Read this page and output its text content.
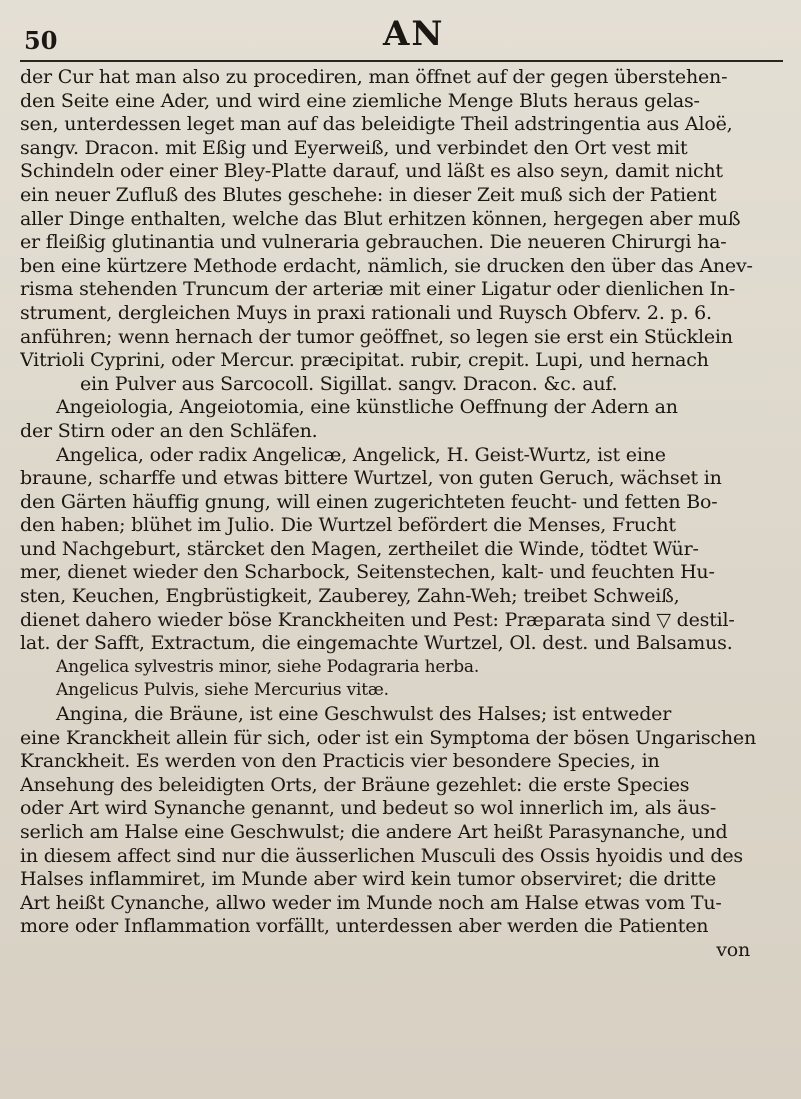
50	AN
der Cur hat man also zu procediren, man öffnet auf der gegen überstehen-
den Seite eine Ader, und wird eine ziemliche Menge Bluts heraus gelas-
sen, unterdessen leget man auf das beleidigte Theil adstringentia aus Aloë,
sangv. Dracon. mit Eßig und Eyerweiß, und verbindet den Ort vest mit
Schindeln oder einer Bley-Platte darauf, und läßt es also seyn, damit nicht
ein neuer Zufluß des Blutes geschehe: in dieser Zeit muß sich der Patient
aller Dinge enthalten, welche das Blut erhitzen können, hergegen aber muß
er fleißig glutinantia und vulneraria gebrauchen. Die neueren Chirurgi ha-
ben eine kürtzere Methode erdacht, nämlich, sie drucken den über das Anev-
risma stehenden Truncum der arteriæ mit einer Ligatur oder dienlichen In-
strument, dergleichen Muys in praxi rationali und Ruysch Obferv. 2. p. 6.
anführen; wenn hernach der tumor geöffnet, so legen sie erst ein Stücklein
Vitrioli Cyprini, oder Mercur. præcipitat. rubir, crepit. Lupi, und hernach
ein Pulver aus Sarcocoll. Sigillat. sangv. Dracon. &c. auf.
Angeiologia, Angeiotomia, eine künstliche Oeffnung der Adern an
der Stirn oder an den Schläfen.
Angelica, oder radix Angelicæ, Angelick, H. Geist-Wurtz, ist eine
braune, scharffe und etwas bittere Wurtzel, von guten Geruch, wächset in
den Gärten häuffig gnung, will einen zugerichteten feucht- und fetten Bo-
den haben; blühet im Julio. Die Wurtzel befördert die Menses, Frucht
und Nachgeburt, stärcket den Magen, zertheilet die Winde, tödtet Wür-
mer, dienet wieder den Scharbock, Seitenstechen, kalt- und feuchten Hu-
sten, Keuchen, Engbrüstigkeit, Zauberey, Zahn-Weh; treibet Schweiß,
dienet dahero wieder böse Kranckheiten und Pest: Præparata sind ▽ destil-
lat. der Safft, Extractum, die eingemachte Wurtzel, Ol. dest. und Balsamus.
Angelica sylvestris minor, siehe Podagraria herba.
Angelicus Pulvis, siehe Mercurius vitæ.
Angina, die Bräune, ist eine Geschwulst des Halses; ist entweder
eine Kranckheit allein für sich, oder ist ein Symptoma der bösen Ungarischen
Kranckheit. Es werden von den Practicis vier besondere Species, in
Ansehung des beleidigten Orts, der Bräune gezehlet: die erste Species
oder Art wird Synanche genannt, und bedeut so wol innerlich im, als äus-
serlich am Halse eine Geschwulst; die andere Art heißt Parasynanche, und
in diesem affect sind nur die äusserlichen Musculi des Ossis hyoidis und des
Halses inflammiret, im Munde aber wird kein tumor observiret; die dritte
Art heißt Cynanche, allwo weder im Munde noch am Halse etwas vom Tu-
more oder Inflammation vorfällt, unterdessen aber werden die Patienten
von
